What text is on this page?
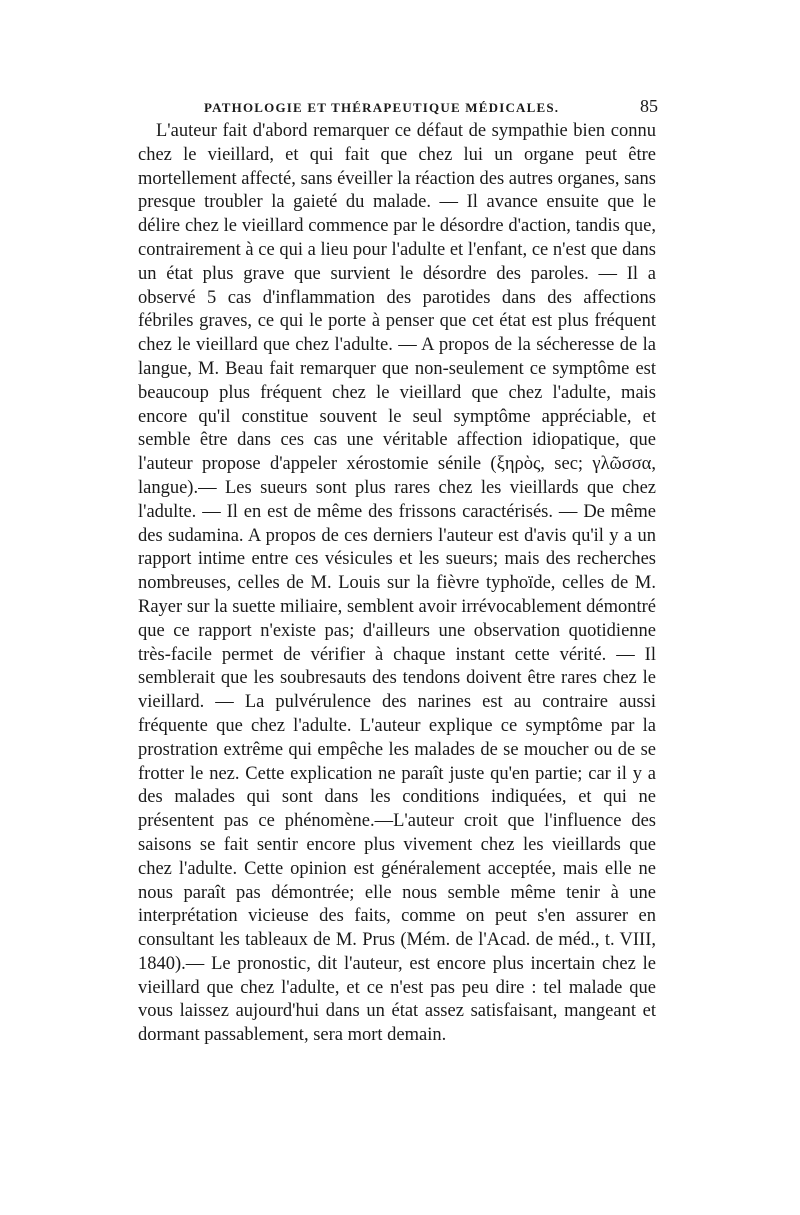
PATHOLOGIE ET THÉRAPEUTIQUE MÉDICALES.	85

L'auteur fait d'abord remarquer ce défaut de sympathie bien connu chez le vieillard, et qui fait que chez lui un organe peut être mortellement affecté, sans éveiller la réaction des autres organes, sans presque troubler la gaieté du malade. — Il avance ensuite que le délire chez le vieillard commence par le désordre d'action, tandis que, contrairement à ce qui a lieu pour l'adulte et l'enfant, ce n'est que dans un état plus grave que survient le désordre des paroles. — Il a observé 5 cas d'inflammation des parotides dans des affections fébriles graves, ce qui le porte à penser que cet état est plus fréquent chez le vieillard que chez l'adulte. — A propos de la sécheresse de la langue, M. Beau fait remarquer que non-seulement ce symptôme est beaucoup plus fréquent chez le vieillard que chez l'adulte, mais encore qu'il constitue souvent le seul symptôme appréciable, et semble être dans ces cas une véritable affection idiopatique, que l'auteur propose d'appeler xérostomie sénile (ξηρὸς, sec; γλῶσσα, langue).— Les sueurs sont plus rares chez les vieillards que chez l'adulte. — Il en est de même des frissons caractérisés. — De même des sudamina. A propos de ces derniers l'auteur est d'avis qu'il y a un rapport intime entre ces vésicules et les sueurs; mais des recherches nombreuses, celles de M. Louis sur la fièvre typhoïde, celles de M. Rayer sur la suette miliaire, semblent avoir irrévocablement démontré que ce rapport n'existe pas; d'ailleurs une observation quotidienne très-facile permet de vérifier à chaque instant cette vérité. — Il semblerait que les soubresauts des tendons doivent être rares chez le vieillard. — La pulvérulence des narines est au contraire aussi fréquente que chez l'adulte. L'auteur explique ce symptôme par la prostration extrême qui empêche les malades de se moucher ou de se frotter le nez. Cette explication ne paraît juste qu'en partie; car il y a des malades qui sont dans les conditions indiquées, et qui ne présentent pas ce phénomène.—L'auteur croit que l'influence des saisons se fait sentir encore plus vivement chez les vieillards que chez l'adulte. Cette opinion est généralement acceptée, mais elle ne nous paraît pas démontrée; elle nous semble même tenir à une interprétation vicieuse des faits, comme on peut s'en assurer en consultant les tableaux de M. Prus (Mém. de l'Acad. de méd., t. VIII, 1840).— Le pronostic, dit l'auteur, est encore plus incertain chez le vieillard que chez l'adulte, et ce n'est pas peu dire : tel malade que vous laissez aujourd'hui dans un état assez satisfaisant, mangeant et dormant passablement, sera mort demain.
